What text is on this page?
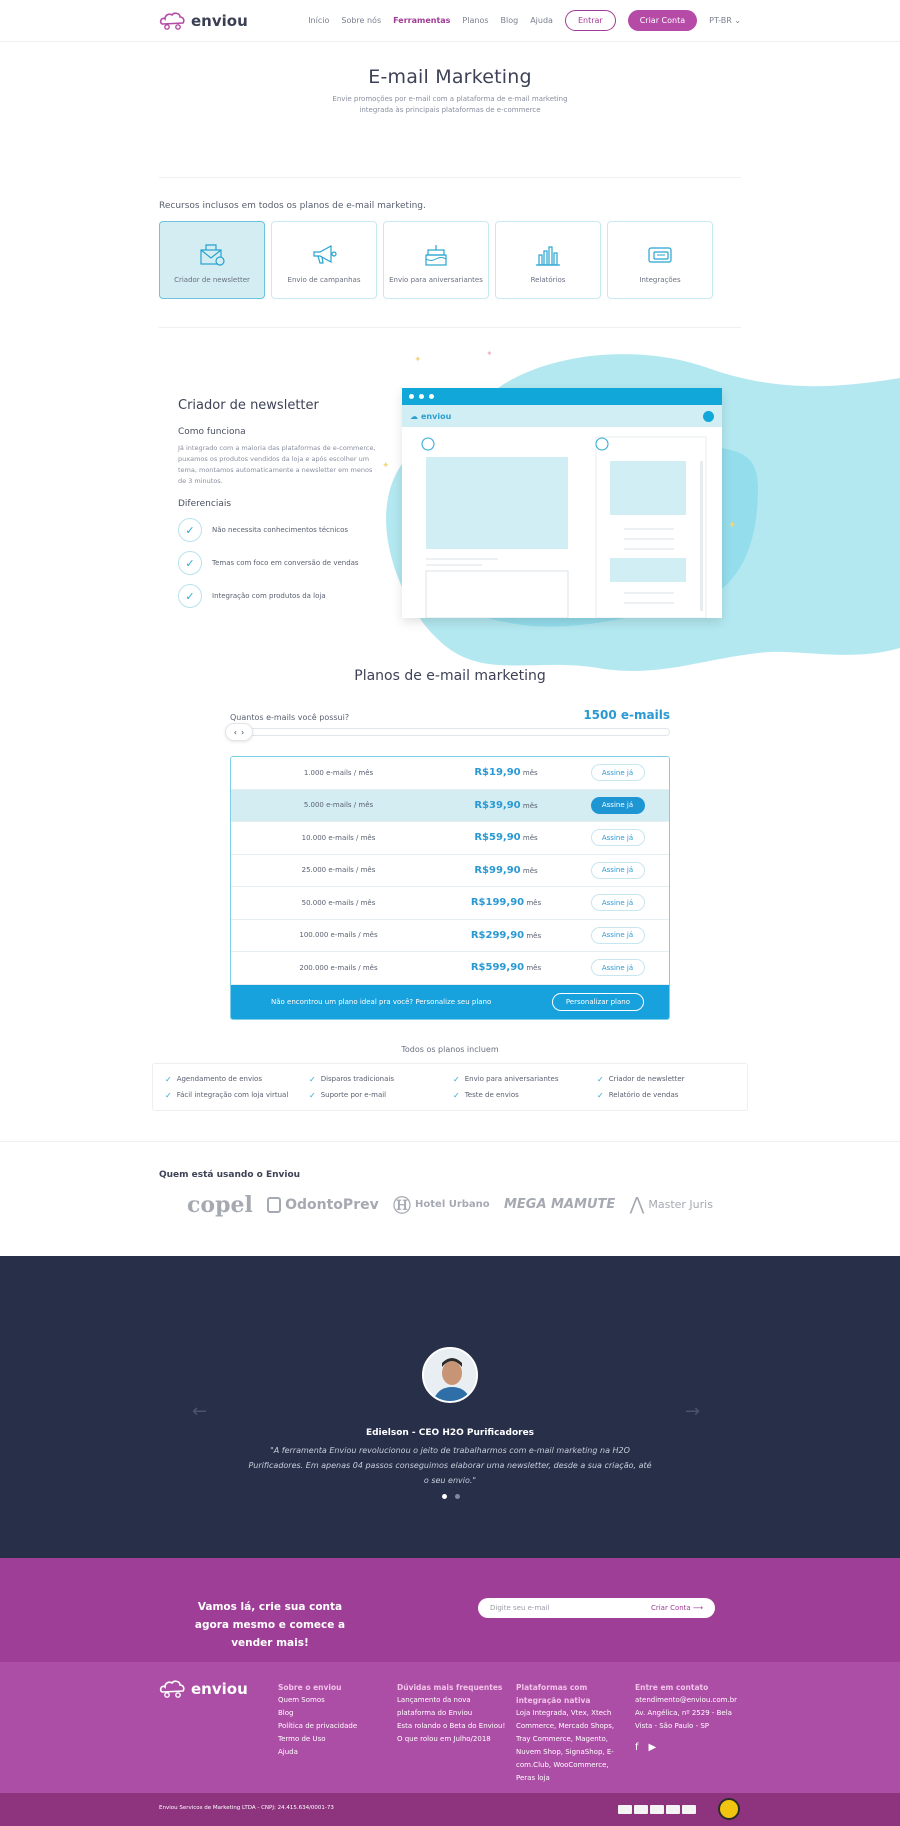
enviou	Início Sobre nós Ferramentas Planos Blog Ajuda	Entrar	Criar Conta	PT-BR ⌄
E-mail Marketing

Envie promoções por e-mail com a plataforma de e-mail marketing integrada às principais plataformas de e-commerce

Recursos inclusos em todos os planos de e-mail marketing.
Criador de newsletter	Envio de campanhas	Envio para aniversariantes	Relatórios	Integrações
✦
✦
✦
✦
Criador de newsletter
Como funciona

Já integrado com a maioria das plataformas de e-commerce, puxamos os produtos vendidos da loja e após escolher um tema, montamos automaticamente a newsletter em menos de 3 minutos.

Diferenciais
✓	Não necessita conhecimentos técnicos
✓	Temas com foco em conversão de vendas
✓	Integração com produtos da loja
☁ enviou
Planos de e-mail marketing
Quantos e-mails você possui?	1500 e-mails
‹ ›
1.000 e-mails / mês	R$19,90 mês	Assine já
5.000 e-mails / mês	R$39,90 mês	Assine já
10.000 e-mails / mês	R$59,90 mês	Assine já
25.000 e-mails / mês	R$99,90 mês	Assine já
50.000 e-mails / mês	R$199,90 mês	Assine já
100.000 e-mails / mês	R$299,90 mês	Assine já
200.000 e-mails / mês	R$599,90 mês	Assine já
Não encontrou um plano ideal pra você? Personalize seu plano	Personalizar plano
Todos os planos incluem
✓ Agendamento de envios	✓ Disparos tradicionais	✓ Envio para aniversariantes	✓ Criador de newsletter
✓ Fácil integração com loja virtual	✓ Suporte por e-mail	✓ Teste de envios	✓ Relatório de vendas
Quem está usando o Enviou
copel OdontoPrev Ⓗ Hotel Urbano MEGA MAMUTE ⋀ Master Juris
←	→
Edielson - CEO H2O Purificadores
"A ferramenta Enviou revolucionou o jeito de trabalharmos com e-mail marketing na H2O Purificadores. Em apenas 04 passos conseguimos elaborar uma newsletter, desde a sua criação, até o seu envio."
Vamos lá, crie sua conta agora mesmo e comece a vender mais!
Digite seu e-mail	Criar Conta ⟶
enviou	Sobre o enviou
Quem Somos
Blog
Política de privacidade
Termo de Uso
Ajuda
Dúvidas mais frequentes
Lançamento da nova plataforma do Enviou
Esta rolando o Beta do Enviou!
O que rolou em Julho/2018
Plataformas com integração nativa
Loja Integrada, Vtex, Xtech Commerce, Mercado Shops, Tray Commerce, Magento, Nuvem Shop, SignaShop, E-com.Club, WooCommerce, Peras loja
Entre em contato
atendimento@enviou.com.br
Av. Angélica, nº 2529 - Bela Vista - São Paulo - SP
f ▶
Enviou Servicos de Marketing LTDA - CNPJ: 24.415.634/0001-73
